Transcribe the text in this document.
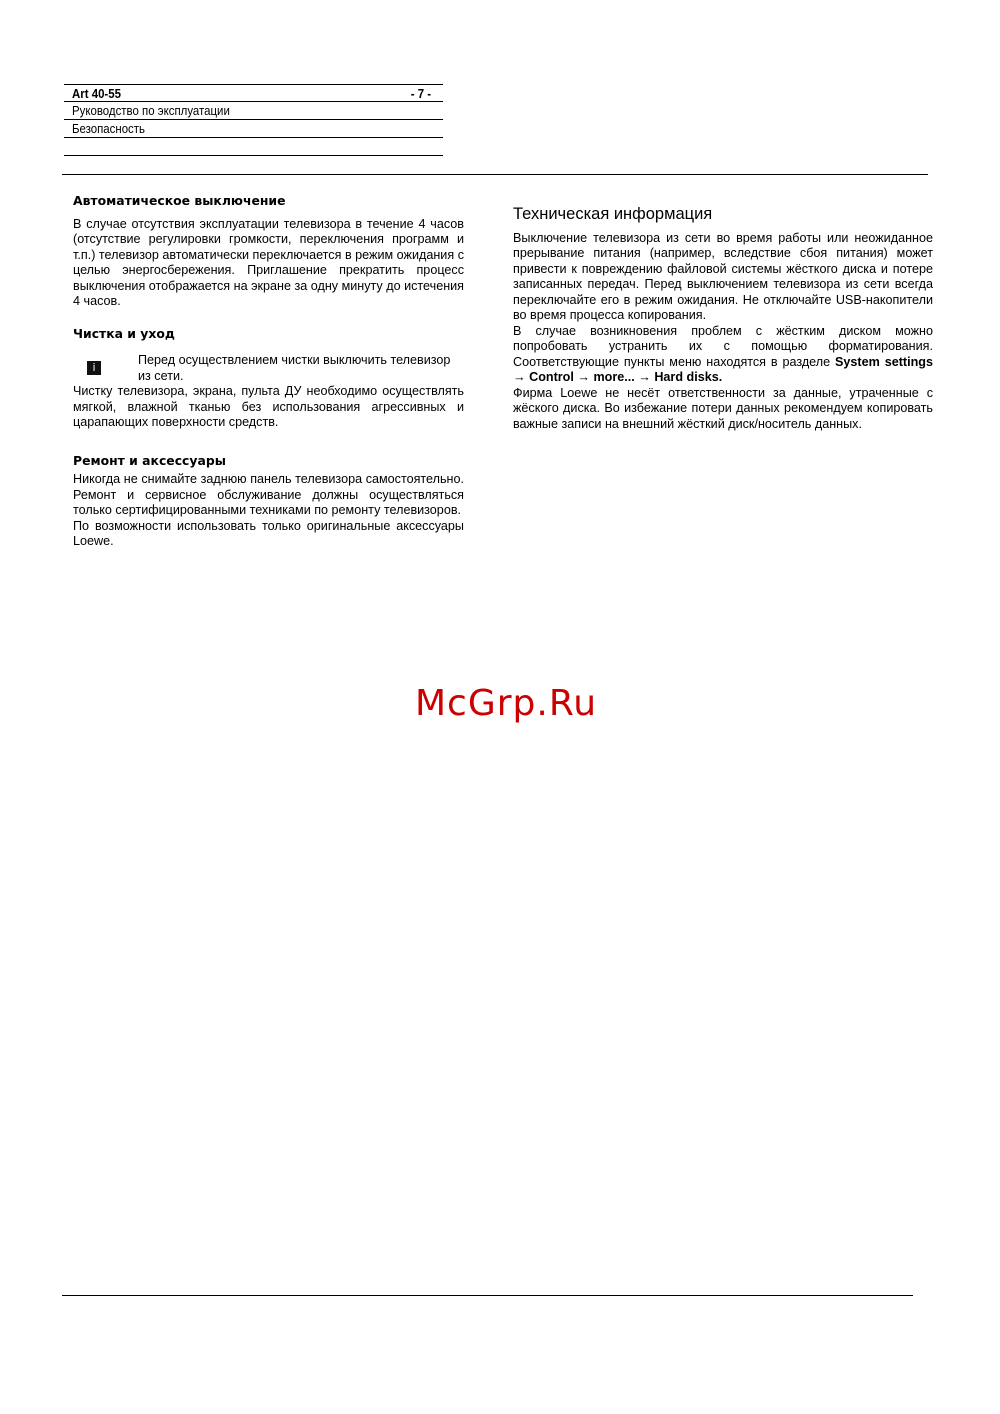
Art 40-55	- 7 -
Руководство по эксплуатации
Безопасность
Автоматическое выключение

В случае отсутствия эксплуатации телевизора в течение 4 часов (отсутствие регулировки громкости, переключения программ и т.п.) телевизор автоматически переключается в режим ожидания с целью энергосбережения. Приглашение прекратить процесс выключения отображается на экране за одну минуту до истечения 4 часов.

Чистка и уход
i

Перед осуществлением чистки выключить телевизор из сети.

Чистку телевизора, экрана, пульта ДУ необходимо осуществлять мягкой, влажной тканью без использования агрессивных и царапающих поверхности средств.

Ремонт и аксессуары

Никогда не снимайте заднюю панель телевизора самостоятельно. Ремонт и сервисное обслуживание должны осуществляться только сертифицированными техниками по ремонту телевизоров.

По возможности использовать только оригинальные аксессуары Loewe.

Техническая информация

Выключение телевизора из сети во время работы или неожиданное прерывание питания (например, вследствие сбоя питания) может привести к повреждению файловой системы жёсткого диска и потере записанных передач. Перед выключением телевизора из сети всегда переключайте его в режим ожидания. Не отключайте USB-накопители во время процесса копирования.

В случае возникновения проблем с жёстким диском можно попробовать устранить их с помощью форматирования. Соответствующие пункты меню находятся в разделе System settings → Control → more... → Hard disks.

Фирма Loewe не несёт ответственности за данные, утраченные с жёского диска. Во избежание потери данных рекомендуем копировать важные записи на внешний жёсткий диск/носитель данных.

McGrp.Ru
